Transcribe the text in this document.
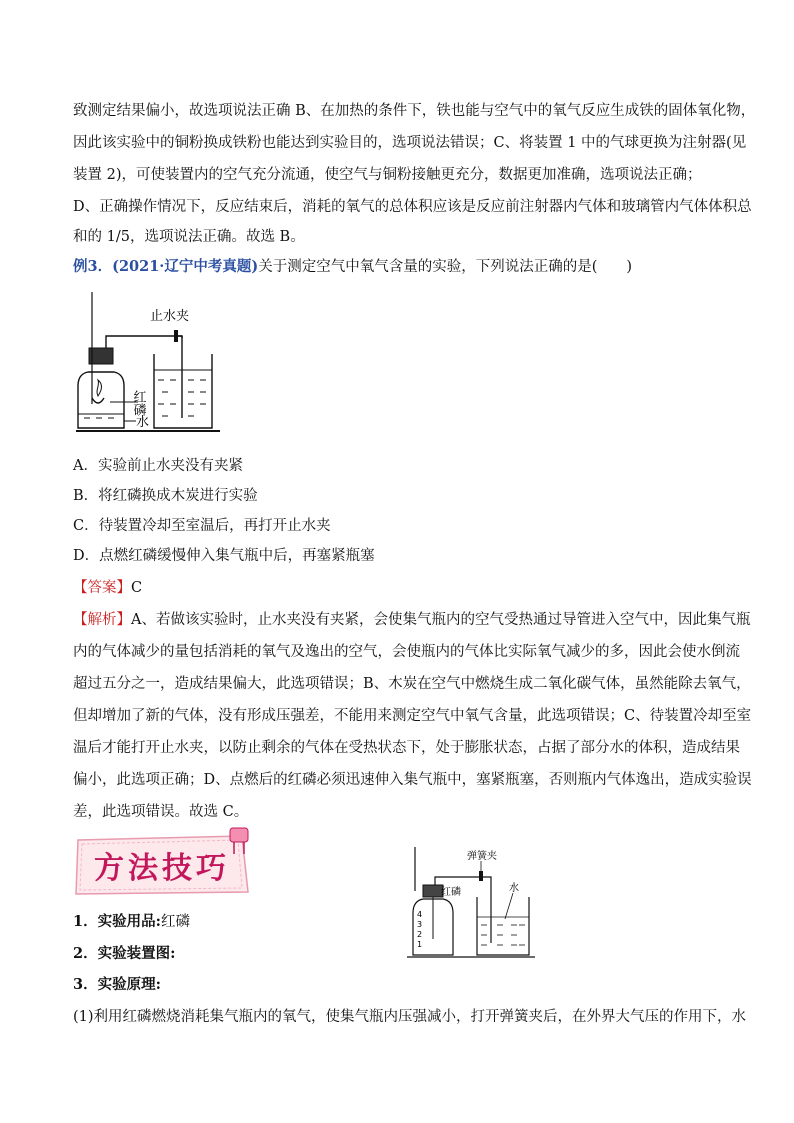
致测定结果偏小，故选项说法正确 B、在加热的条件下，铁也能与空气中的氧气反应生成铁的固体氧化物，
因此该实验中的铜粉换成铁粉也能达到实验目的，选项说法错误；C、将装置 1 中的气球更换为注射器(见
装置 2)，可使装置内的空气充分流通，使空气与铜粉接触更充分，数据更加准确，选项说法正确；
D、正确操作情况下，反应结束后，消耗的氧气的总体积应该是反应前注射器内气体和玻璃管内气体体积总
和的 1/5，选项说法正确。故选 B。
例3．(2021·辽宁中考真题)关于测定空气中氧气含量的实验，下列说法正确的是(　　)
止水夹
红磷
水
A．实验前止水夹没有夹紧
B．将红磷换成木炭进行实验
C．待装置冷却至室温后，再打开止水夹
D．点燃红磷缓慢伸入集气瓶中后，再塞紧瓶塞
【答案】C
【解析】A、若做该实验时，止水夹没有夹紧，会使集气瓶内的空气受热通过导管进入空气中，因此集气瓶
内的气体减少的量包括消耗的氧气及逸出的空气，会使瓶内的气体比实际氧气减少的多，因此会使水倒流
超过五分之一，造成结果偏大，此选项错误；B、木炭在空气中燃烧生成二氧化碳气体，虽然能除去氧气，
但却增加了新的气体，没有形成压强差，不能用来测定空气中氧气含量，此选项错误；C、待装置冷却至室
温后才能打开止水夹，以防止剩余的气体在受热状态下，处于膨胀状态，占据了部分水的体积，造成结果
偏小，此选项正确；D、点燃后的红磷必须迅速伸入集气瓶中，塞紧瓶塞，否则瓶内气体逸出，造成实验误
差，此选项错误。故选 C。
方法技巧	弹簧夹
红磷
4
3
2
1
水
1．实验用品:红磷
2．实验装置图:
3．实验原理:
(1)利用红磷燃烧消耗集气瓶内的氧气，使集气瓶内压强减小，打开弹簧夹后，在外界大气压的作用下，水
